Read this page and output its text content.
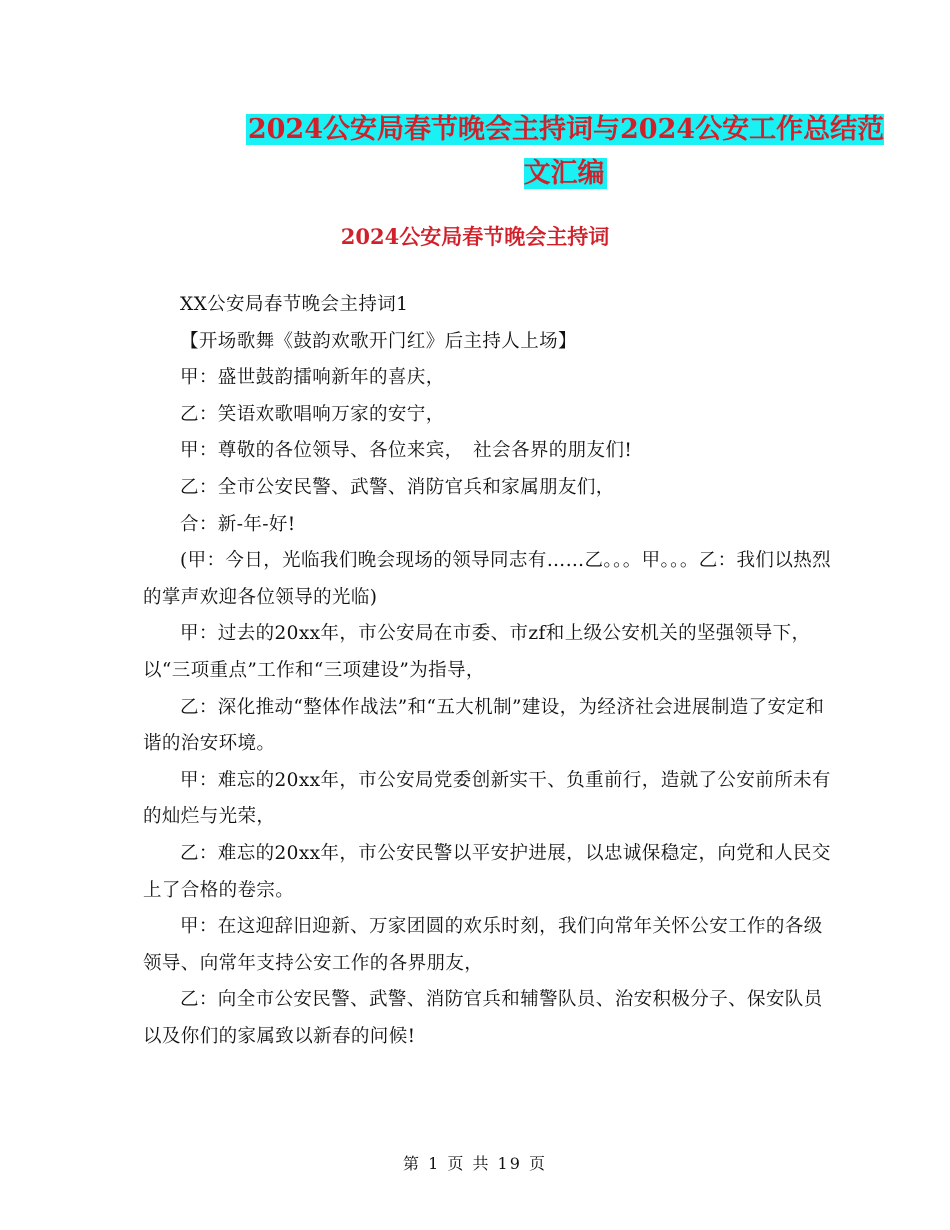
2024公安局春节晚会主持词与2024公安工作总结范文汇编
2024公安局春节晚会主持词

XX公安局春节晚会主持词1

【开场歌舞《鼓韵欢歌开门红》后主持人上场】

甲：盛世鼓韵擂响新年的喜庆，

乙：笑语欢歌唱响万家的安宁，

甲：尊敬的各位领导、各位来宾，　社会各界的朋友们!

乙：全市公安民警、武警、消防官兵和家属朋友们，

合：新-年-好!

(甲：今日，光临我们晚会现场的领导同志有……乙。。。甲。。。乙：我们以热烈的掌声欢迎各位领导的光临)

甲：过去的20xx年，市公安局在市委、市zf和上级公安机关的坚强领导下，以“三项重点”工作和“三项建设”为指导，

乙：深化推动“整体作战法”和“五大机制”建设，为经济社会进展制造了安定和谐的治安环境。

甲：难忘的20xx年，市公安局党委创新实干、负重前行，造就了公安前所未有的灿烂与光荣，

乙：难忘的20xx年，市公安民警以平安护进展，以忠诚保稳定，向党和人民交上了合格的卷宗。

甲：在这迎辞旧迎新、万家团圆的欢乐时刻，我们向常年关怀公安工作的各级领导、向常年支持公安工作的各界朋友，

乙：向全市公安民警、武警、消防官兵和辅警队员、治安积极分子、保安队员以及你们的家属致以新春的问候!

第 1 页 共 19 页
